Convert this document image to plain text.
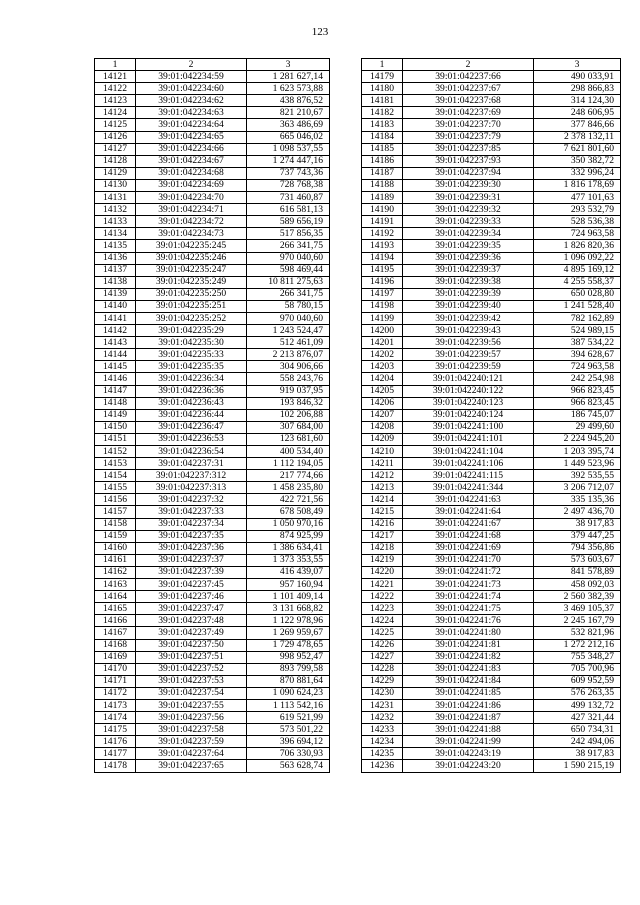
123
1	2	3
14121	39:01:042234:59	1 281 627,14
14122	39:01:042234:60	1 623 573,88
14123	39:01:042234:62	438 876,52
14124	39:01:042234:63	821 210,67
14125	39:01:042234:64	363 486,69
14126	39:01:042234:65	665 046,02
14127	39:01:042234:66	1 098 537,55
14128	39:01:042234:67	1 274 447,16
14129	39:01:042234:68	737 743,36
14130	39:01:042234:69	728 768,38
14131	39:01:042234:70	731 460,87
14132	39:01:042234:71	616 581,13
14133	39:01:042234:72	589 656,19
14134	39:01:042234:73	517 856,35
14135	39:01:042235:245	266 341,75
14136	39:01:042235:246	970 040,60
14137	39:01:042235:247	598 469,44
14138	39:01:042235:249	10 811 275,63
14139	39:01:042235:250	266 341,75
14140	39:01:042235:251	58 780,15
14141	39:01:042235:252	970 040,60
14142	39:01:042235:29	1 243 524,47
14143	39:01:042235:30	512 461,09
14144	39:01:042235:33	2 213 876,07
14145	39:01:042235:35	304 906,66
14146	39:01:042236:34	558 243,76
14147	39:01:042236:36	919 037,95
14148	39:01:042236:43	193 846,32
14149	39:01:042236:44	102 206,88
14150	39:01:042236:47	307 684,00
14151	39:01:042236:53	123 681,60
14152	39:01:042236:54	400 534,40
14153	39:01:042237:31	1 112 194,05
14154	39:01:042237:312	217 774,66
14155	39:01:042237:313	1 458 235,80
14156	39:01:042237:32	422 721,56
14157	39:01:042237:33	678 508,49
14158	39:01:042237:34	1 050 970,16
14159	39:01:042237:35	874 925,99
14160	39:01:042237:36	1 386 634,41
14161	39:01:042237:37	1 373 353,55
14162	39:01:042237:39	416 439,07
14163	39:01:042237:45	957 160,94
14164	39:01:042237:46	1 101 409,14
14165	39:01:042237:47	3 131 668,82
14166	39:01:042237:48	1 122 978,96
14167	39:01:042237:49	1 269 959,67
14168	39:01:042237:50	1 729 478,65
14169	39:01:042237:51	998 952,47
14170	39:01:042237:52	893 799,58
14171	39:01:042237:53	870 881,64
14172	39:01:042237:54	1 090 624,23
14173	39:01:042237:55	1 113 542,16
14174	39:01:042237:56	619 521,99
14175	39:01:042237:58	573 501,22
14176	39:01:042237:59	396 694,12
14177	39:01:042237:64	706 330,93
14178	39:01:042237:65	563 628,74
1	2	3
14179	39:01:042237:66	490 033,91
14180	39:01:042237:67	298 866,83
14181	39:01:042237:68	314 124,30
14182	39:01:042237:69	248 606,95
14183	39:01:042237:70	377 846,66
14184	39:01:042237:79	2 378 132,11
14185	39:01:042237:85	7 621 801,60
14186	39:01:042237:93	350 382,72
14187	39:01:042237:94	332 996,24
14188	39:01:042239:30	1 816 178,69
14189	39:01:042239:31	477 101,63
14190	39:01:042239:32	293 532,79
14191	39:01:042239:33	528 536,38
14192	39:01:042239:34	724 963,58
14193	39:01:042239:35	1 826 820,36
14194	39:01:042239:36	1 096 092,22
14195	39:01:042239:37	4 895 169,12
14196	39:01:042239:38	4 255 558,37
14197	39:01:042239:39	650 028,80
14198	39:01:042239:40	1 241 528,40
14199	39:01:042239:42	782 162,89
14200	39:01:042239:43	524 989,15
14201	39:01:042239:56	387 534,22
14202	39:01:042239:57	394 628,67
14203	39:01:042239:59	724 963,58
14204	39:01:042240:121	242 254,98
14205	39:01:042240:122	966 823,45
14206	39:01:042240:123	966 823,45
14207	39:01:042240:124	186 745,07
14208	39:01:042241:100	29 499,60
14209	39:01:042241:101	2 224 945,20
14210	39:01:042241:104	1 203 395,74
14211	39:01:042241:106	1 449 523,96
14212	39:01:042241:115	392 535,55
14213	39:01:042241:344	3 206 712,07
14214	39:01:042241:63	335 135,36
14215	39:01:042241:64	2 497 436,70
14216	39:01:042241:67	38 917,83
14217	39:01:042241:68	379 447,25
14218	39:01:042241:69	794 356,86
14219	39:01:042241:70	573 603,67
14220	39:01:042241:72	841 578,89
14221	39:01:042241:73	458 092,03
14222	39:01:042241:74	2 560 382,39
14223	39:01:042241:75	3 469 105,37
14224	39:01:042241:76	2 245 167,79
14225	39:01:042241:80	532 821,96
14226	39:01:042241:81	1 272 212,16
14227	39:01:042241:82	755 348,27
14228	39:01:042241:83	705 700,96
14229	39:01:042241:84	609 952,59
14230	39:01:042241:85	576 263,35
14231	39:01:042241:86	499 132,72
14232	39:01:042241:87	427 321,44
14233	39:01:042241:88	650 734,31
14234	39:01:042241:99	242 494,06
14235	39:01:042243:19	38 917,83
14236	39:01:042243:20	1 590 215,19
